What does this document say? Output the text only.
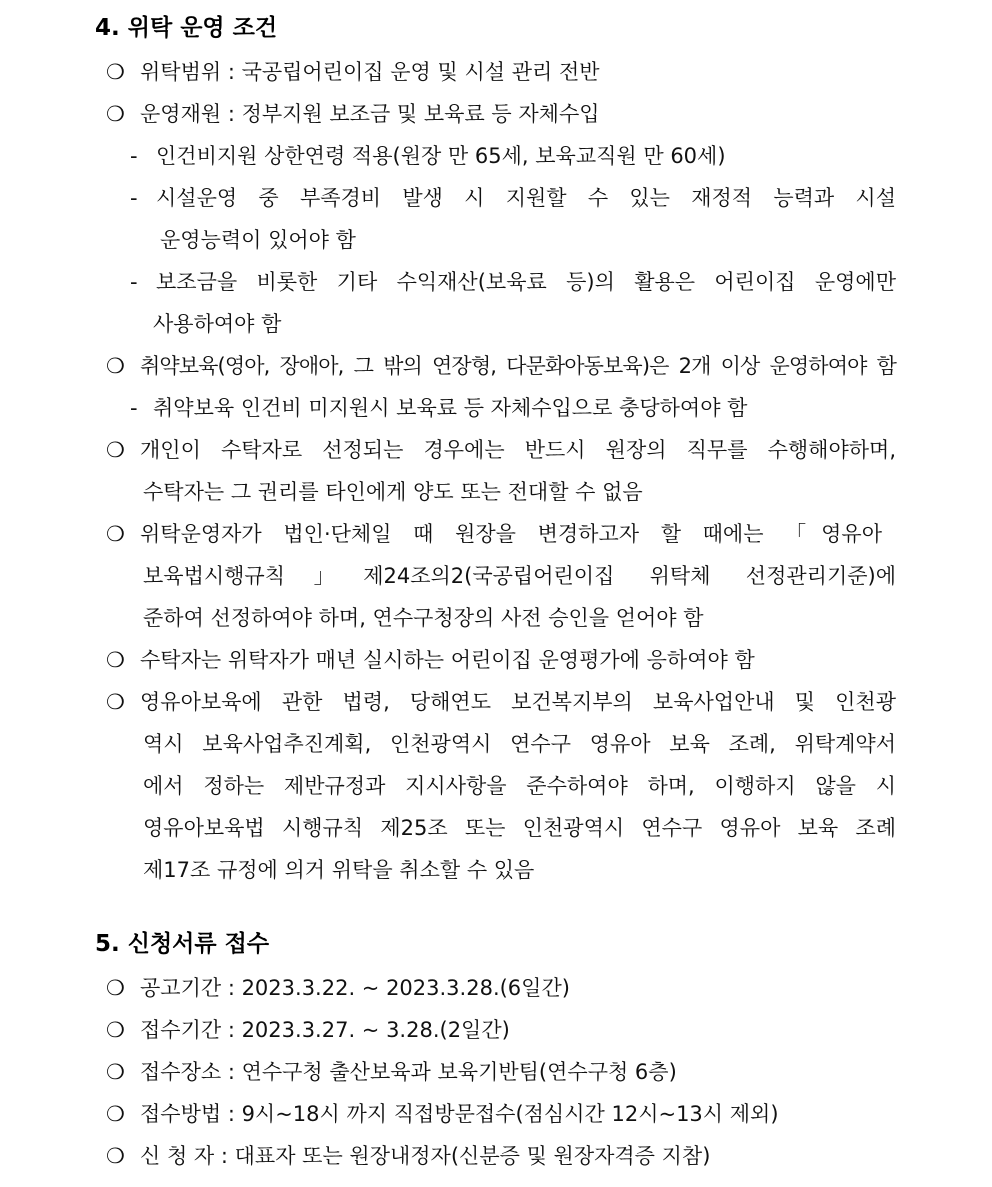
4. 위탁 운영 조건
❍ 위탁범위 : 국공립어린이집 운영 및 시설 관리 전반
❍ 운영재원 : 정부지원 보조금 및 보육료 등 자체수입
- 인건비지원 상한연령 적용(원장 만 65세, 보육교직원 만 60세)
- 시설운영 중 부족경비 발생 시 지원할 수 있는 재정적 능력과 시설
운영능력이 있어야 함
- 보조금을 비롯한 기타 수익재산(보육료 등)의 활용은 어린이집 운영에만
사용하여야 함
❍ 취약보육(영아, 장애아, 그 밖의 연장형, 다문화아동보육)은 2개 이상 운영하여야 함
- 취약보육 인건비 미지원시 보육료 등 자체수입으로 충당하여야 함
❍ 개인이 수탁자로 선정되는 경우에는 반드시 원장의 직무를 수행해야하며,
수탁자는 그 권리를 타인에게 양도 또는 전대할 수 없음
❍ 위탁운영자가 법인·단체일 때 원장을 변경하고자 할 때에는 「영유아
보육법시행규칙」제24조의2(국공립어린이집 위탁체 선정관리기준)에
준하여 선정하여야 하며, 연수구청장의 사전 승인을 얻어야 함
❍ 수탁자는 위탁자가 매년 실시하는 어린이집 운영평가에 응하여야 함
❍ 영유아보육에 관한 법령, 당해연도 보건복지부의 보육사업안내 및 인천광
역시 보육사업추진계획, 인천광역시 연수구 영유아 보육 조례, 위탁계약서
에서 정하는 제반규정과 지시사항을 준수하여야 하며, 이행하지 않을 시
영유아보육법 시행규칙 제25조 또는 인천광역시 연수구 영유아 보육 조례
제17조 규정에 의거 위탁을 취소할 수 있음
5. 신청서류 접수
❍ 공고기간 : 2023.3.22. ~ 2023.3.28.(6일간)
❍ 접수기간 : 2023.3.27. ~ 3.28.(2일간)
❍ 접수장소 : 연수구청 출산보육과 보육기반팀(연수구청 6층)
❍ 접수방법 : 9시~18시 까지 직접방문접수(점심시간 12시~13시 제외)
❍ 신 청 자 : 대표자 또는 원장내정자(신분증 및 원장자격증 지참)
